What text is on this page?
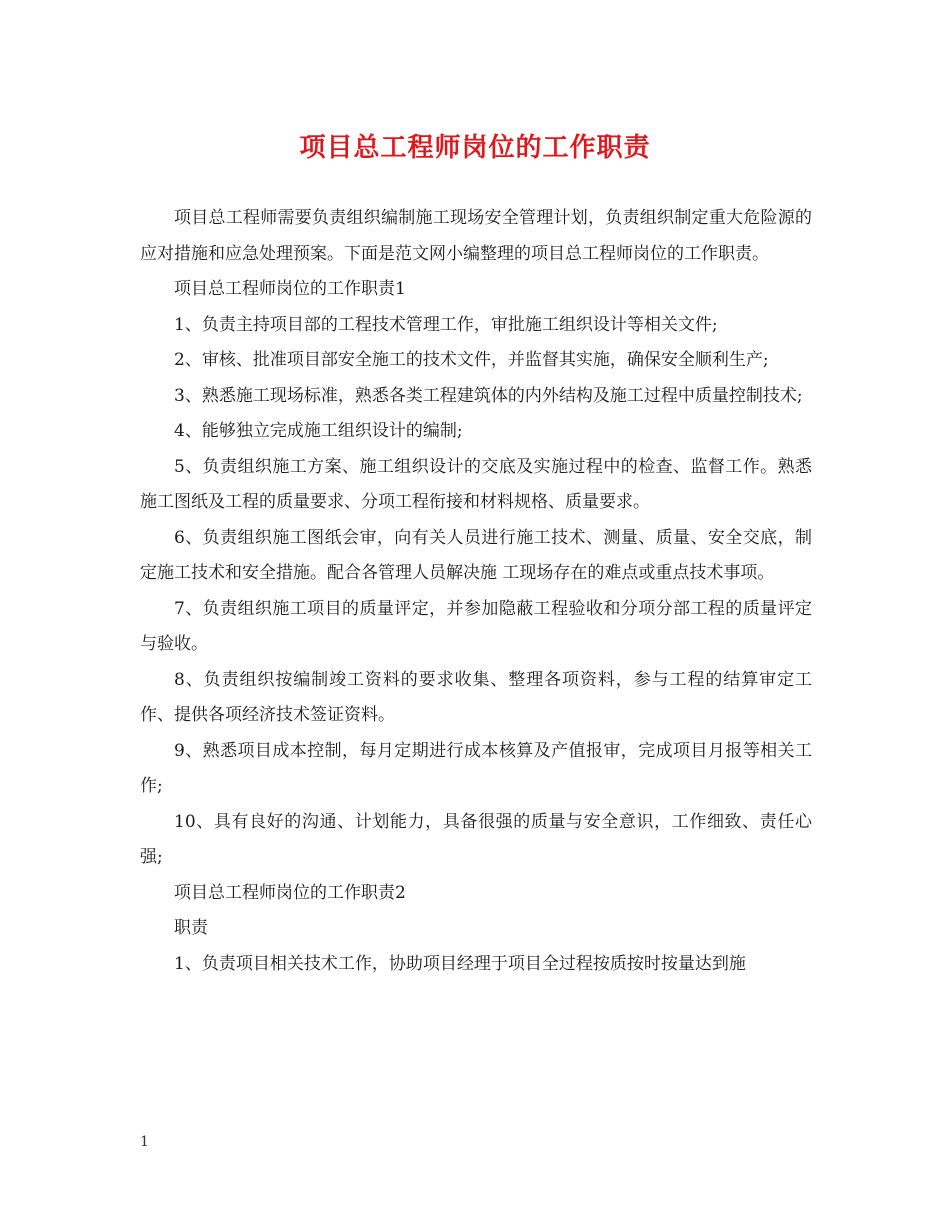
项目总工程师岗位的工作职责

项目总工程师需要负责组织编制施工现场安全管理计划，负责组织制定重大危险源的应对措施和应急处理预案。下面是范文网小编整理的项目总工程师岗位的工作职责。

项目总工程师岗位的工作职责1

1、负责主持项目部的工程技术管理工作，审批施工组织设计等相关文件;

2、审核、批准项目部安全施工的技术文件，并监督其实施，确保安全顺利生产;

3、熟悉施工现场标准，熟悉各类工程建筑体的内外结构及施工过程中质量控制技术;

4、能够独立完成施工组织设计的编制;

5、负责组织施工方案、施工组织设计的交底及实施过程中的检查、监督工作。熟悉施工图纸及工程的质量要求、分项工程衔接和材料规格、质量要求。

6、负责组织施工图纸会审，向有关人员进行施工技术、测量、质量、安全交底，制定施工技术和安全措施。配合各管理人员解决施 工现场存在的难点或重点技术事项。

7、负责组织施工项目的质量评定，并参加隐蔽工程验收和分项分部工程的质量评定与验收。

8、负责组织按编制竣工资料的要求收集、整理各项资料，参与工程的结算审定工作、提供各项经济技术签证资料。

9、熟悉项目成本控制，每月定期进行成本核算及产值报审，完成项目月报等相关工作;

10、具有良好的沟通、计划能力，具备很强的质量与安全意识，工作细致、责任心强;

项目总工程师岗位的工作职责2

职责

1、负责项目相关技术工作，协助项目经理于项目全过程按质按时按量达到施

1
